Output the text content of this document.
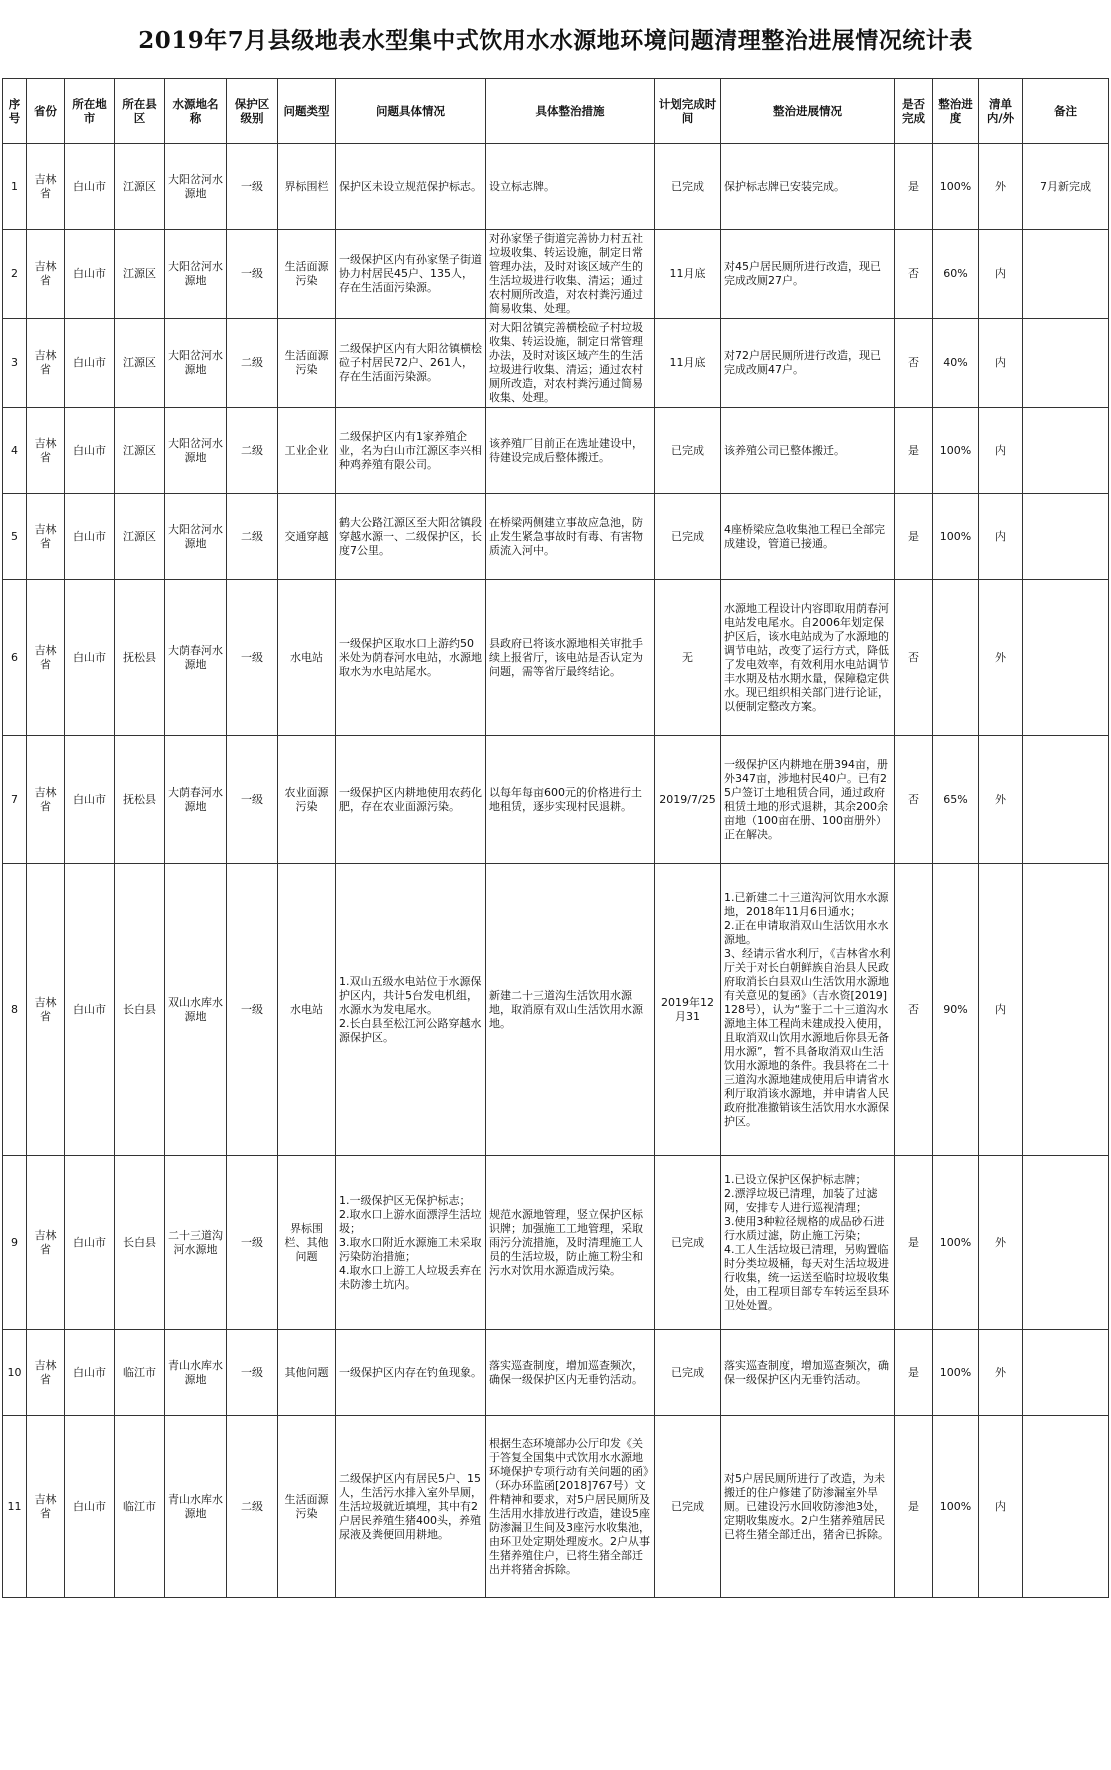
2019年7月县级地表水型集中式饮用水水源地环境问题清理整治进展情况统计表
序号	省份	所在地市	所在县区	水源地名称	保护区级别	问题类型	问题具体情况	具体整治措施	计划完成时间	整治进展情况	是否完成	整治进度	清单内/外	备注
1	吉林省	白山市	江源区	大阳岔河水源地	一级	界标围栏	保护区未设立规范保护标志。	设立标志牌。	已完成	保护标志牌已安装完成。	是	100%	外	7月新完成
2	吉林省	白山市	江源区	大阳岔河水源地	一级	生活面源污染	一级保护区内有孙家堡子街道协力村居民45户、135人，存在生活面污染源。	对孙家堡子街道完善协力村五社垃圾收集、转运设施，制定日常管理办法，及时对该区域产生的生活垃圾进行收集、清运；通过农村厕所改造，对农村粪污通过简易收集、处理。	11月底	对45户居民厕所进行改造，现已完成改厕27户。	否	60%	内	
3	吉林省	白山市	江源区	大阳岔河水源地	二级	生活面源污染	二级保护区内有大阳岔镇横桧砬子村居民72户、261人，存在生活面污染源。	对大阳岔镇完善横桧砬子村垃圾收集、转运设施，制定日常管理办法，及时对该区域产生的生活垃圾进行收集、清运；通过农村厕所改造，对农村粪污通过简易收集、处理。	11月底	对72户居民厕所进行改造，现已完成改厕47户。	否	40%	内	
4	吉林省	白山市	江源区	大阳岔河水源地	二级	工业企业	二级保护区内有1家养殖企业，名为白山市江源区李兴相种鸡养殖有限公司。	该养殖厂目前正在选址建设中，待建设完成后整体搬迁。	已完成	该养殖公司已整体搬迁。	是	100%	内	
5	吉林省	白山市	江源区	大阳岔河水源地	二级	交通穿越	鹤大公路江源区至大阳岔镇段穿越水源一、二级保护区，长度7公里。	在桥梁两侧建立事故应急池，防止发生紧急事故时有毒、有害物质流入河中。	已完成	4座桥梁应急收集池工程已全部完成建设，管道已接通。	是	100%	内	
6	吉林省	白山市	抚松县	大荫春河水源地	一级	水电站	一级保护区取水口上游约50米处为荫春河水电站，水源地取水为水电站尾水。	县政府已将该水源地相关审批手续上报省厅，该电站是否认定为问题，需等省厅最终结论。	无	水源地工程设计内容即取用荫春河电站发电尾水。自2006年划定保护区后，该水电站成为了水源地的调节电站，改变了运行方式，降低了发电效率，有效利用水电站调节丰水期及枯水期水量，保障稳定供水。现已组织相关部门进行论证，以便制定整改方案。	否		外	
7	吉林省	白山市	抚松县	大荫春河水源地	一级	农业面源污染	一级保护区内耕地使用农药化肥，存在农业面源污染。	以每年每亩600元的价格进行土地租赁，逐步实现村民退耕。	2019/7/25	一级保护区内耕地在册394亩，册外347亩，涉地村民40户。已有25户签订土地租赁合同，通过政府租赁土地的形式退耕，其余200余亩地（100亩在册、100亩册外）正在解决。	否	65%	外	
8	吉林省	白山市	长白县	双山水库水源地	一级	水电站	1.双山五级水电站位于水源保护区内，共计5台发电机组，水源水为发电尾水。
2.长白县至松江河公路穿越水源保护区。	新建二十三道沟生活饮用水源地，取消原有双山生活饮用水源地。	2019年12月31	1.已新建二十三道沟河饮用水水源地，2018年11月6日通水；
2.正在申请取消双山生活饮用水水源地。
3、经请示省水利厅，《吉林省水利厅关于对长白朝鲜族自治县人民政府取消长白县双山生活饮用水源地有关意见的复函》（吉水资[2019]128号），认为“鉴于二十三道沟水源地主体工程尚未建成投入使用，且取消双山饮用水源地后你县无备用水源”，暂不具备取消双山生活饮用水源地的条件。我县将在二十三道沟水源地建成使用后申请省水利厅取消该水源地，并申请省人民政府批准撤销该生活饮用水水源保护区。	否	90%	内	
9	吉林省	白山市	长白县	二十三道沟河水源地	一级	界标围栏、其他问题	1.一级保护区无保护标志；
2.取水口上游水面漂浮生活垃圾；
3.取水口附近水源施工未采取污染防治措施；
4.取水口上游工人垃圾丢弃在未防渗土坑内。	规范水源地管理，竖立保护区标识牌；加强施工工地管理，采取雨污分流措施，及时清理施工人员的生活垃圾，防止施工粉尘和污水对饮用水源造成污染。	已完成	1.已设立保护区保护标志牌；
2.漂浮垃圾已清理，加装了过滤网，安排专人进行巡视清理；
3.使用3种粒径规格的成品砂石进行水质过滤，防止施工污染；
4.工人生活垃圾已清理，另购置临时分类垃圾桶，每天对生活垃圾进行收集，统一运送至临时垃圾收集处，由工程项目部专车转运至县环卫处处置。	是	100%	外	
10	吉林省	白山市	临江市	青山水库水源地	一级	其他问题	一级保护区内存在钓鱼现象。	落实巡查制度，增加巡查频次，确保一级保护区内无垂钓活动。	已完成	落实巡查制度，增加巡查频次，确保一级保护区内无垂钓活动。	是	100%	外	
11	吉林省	白山市	临江市	青山水库水源地	二级	生活面源污染	二级保护区内有居民5户、15人，生活污水排入室外旱厕，生活垃圾就近填埋，其中有2户居民养殖生猪400头，养殖尿液及粪便回用耕地。	根据生态环境部办公厅印发《关于答复全国集中式饮用水水源地环境保护专项行动有关问题的函》（环办环监函[2018]767号）文件精神和要求，对5户居民厕所及生活用水排放进行改造，建设5座防渗漏卫生间及3座污水收集池，由环卫处定期处理废水。2户从事生猪养殖住户，已将生猪全部迁出并将猪舍拆除。	已完成	对5户居民厕所进行了改造，为未搬迁的住户修建了防渗漏室外旱厕。已建设污水回收防渗池3处，定期收集废水。2户生猪养殖居民已将生猪全部迁出，猪舍已拆除。	是	100%	内	
